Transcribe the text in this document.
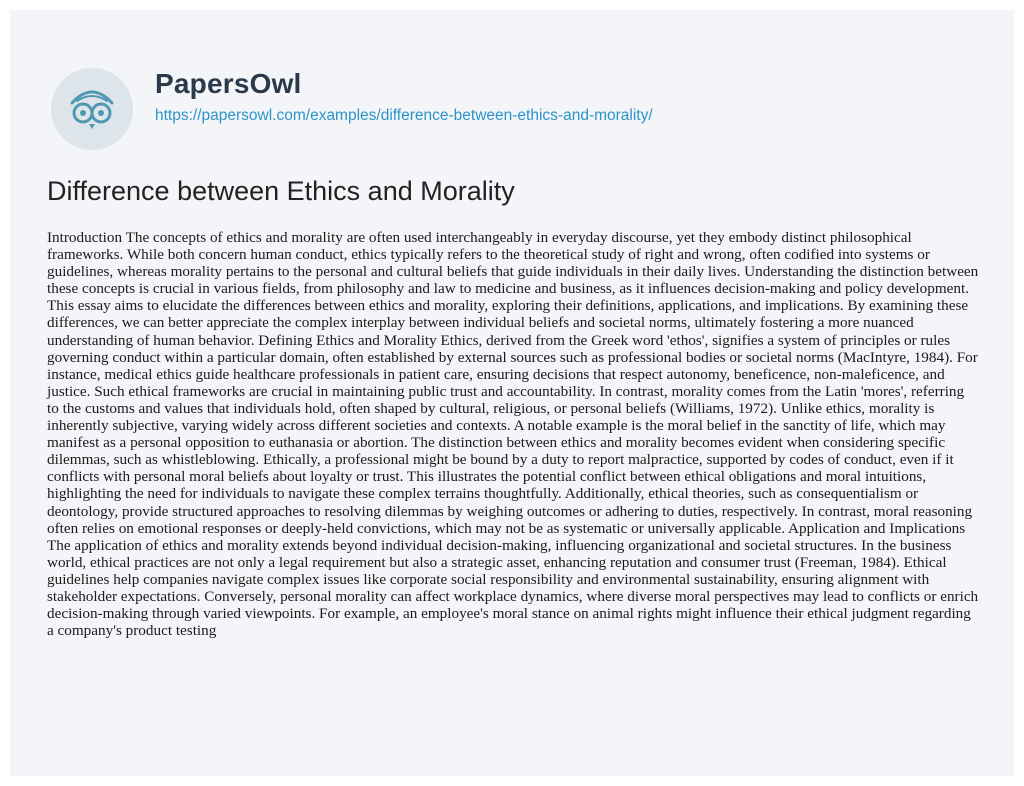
PapersOwl
https://papersowl.com/examples/difference-between-ethics-and-morality/
Difference between Ethics and Morality

Introduction The concepts of ethics and morality are often used interchangeably in everyday discourse, yet they embody distinct philosophical frameworks. While both concern human conduct, ethics typically refers to the theoretical study of right and wrong, often codified into systems or guidelines, whereas morality pertains to the personal and cultural beliefs that guide individuals in their daily lives. Understanding the distinction between these concepts is crucial in various fields, from philosophy and law to medicine and business, as it influences decision-making and policy development. This essay aims to elucidate the differences between ethics and morality, exploring their definitions, applications, and implications. By examining these differences, we can better appreciate the complex interplay between individual beliefs and societal norms, ultimately fostering a more nuanced understanding of human behavior. Defining Ethics and Morality Ethics, derived from the Greek word 'ethos', signifies a system of principles or rules governing conduct within a particular domain, often established by external sources such as professional bodies or societal norms (MacIntyre, 1984). For instance, medical ethics guide healthcare professionals in patient care, ensuring decisions that respect autonomy, beneficence, non-maleficence, and justice. Such ethical frameworks are crucial in maintaining public trust and accountability. In contrast, morality comes from the Latin 'mores', referring to the customs and values that individuals hold, often shaped by cultural, religious, or personal beliefs (Williams, 1972). Unlike ethics, morality is inherently subjective, varying widely across different societies and contexts. A notable example is the moral belief in the sanctity of life, which may manifest as a personal opposition to euthanasia or abortion. The distinction between ethics and morality becomes evident when considering specific dilemmas, such as whistleblowing. Ethically, a professional might be bound by a duty to report malpractice, supported by codes of conduct, even if it conflicts with personal moral beliefs about loyalty or trust. This illustrates the potential conflict between ethical obligations and moral intuitions, highlighting the need for individuals to navigate these complex terrains thoughtfully. Additionally, ethical theories, such as consequentialism or deontology, provide structured approaches to resolving dilemmas by weighing outcomes or adhering to duties, respectively. In contrast, moral reasoning often relies on emotional responses or deeply-held convictions, which may not be as systematic or universally applicable. Application and Implications The application of ethics and morality extends beyond individual decision-making, influencing organizational and societal structures. In the business world, ethical practices are not only a legal requirement but also a strategic asset, enhancing reputation and consumer trust (Freeman, 1984). Ethical guidelines help companies navigate complex issues like corporate social responsibility and environmental sustainability, ensuring alignment with stakeholder expectations. Conversely, personal morality can affect workplace dynamics, where diverse moral perspectives may lead to conflicts or enrich decision-making through varied viewpoints. For example, an employee's moral stance on animal rights might influence their ethical judgment regarding a company's product testing
